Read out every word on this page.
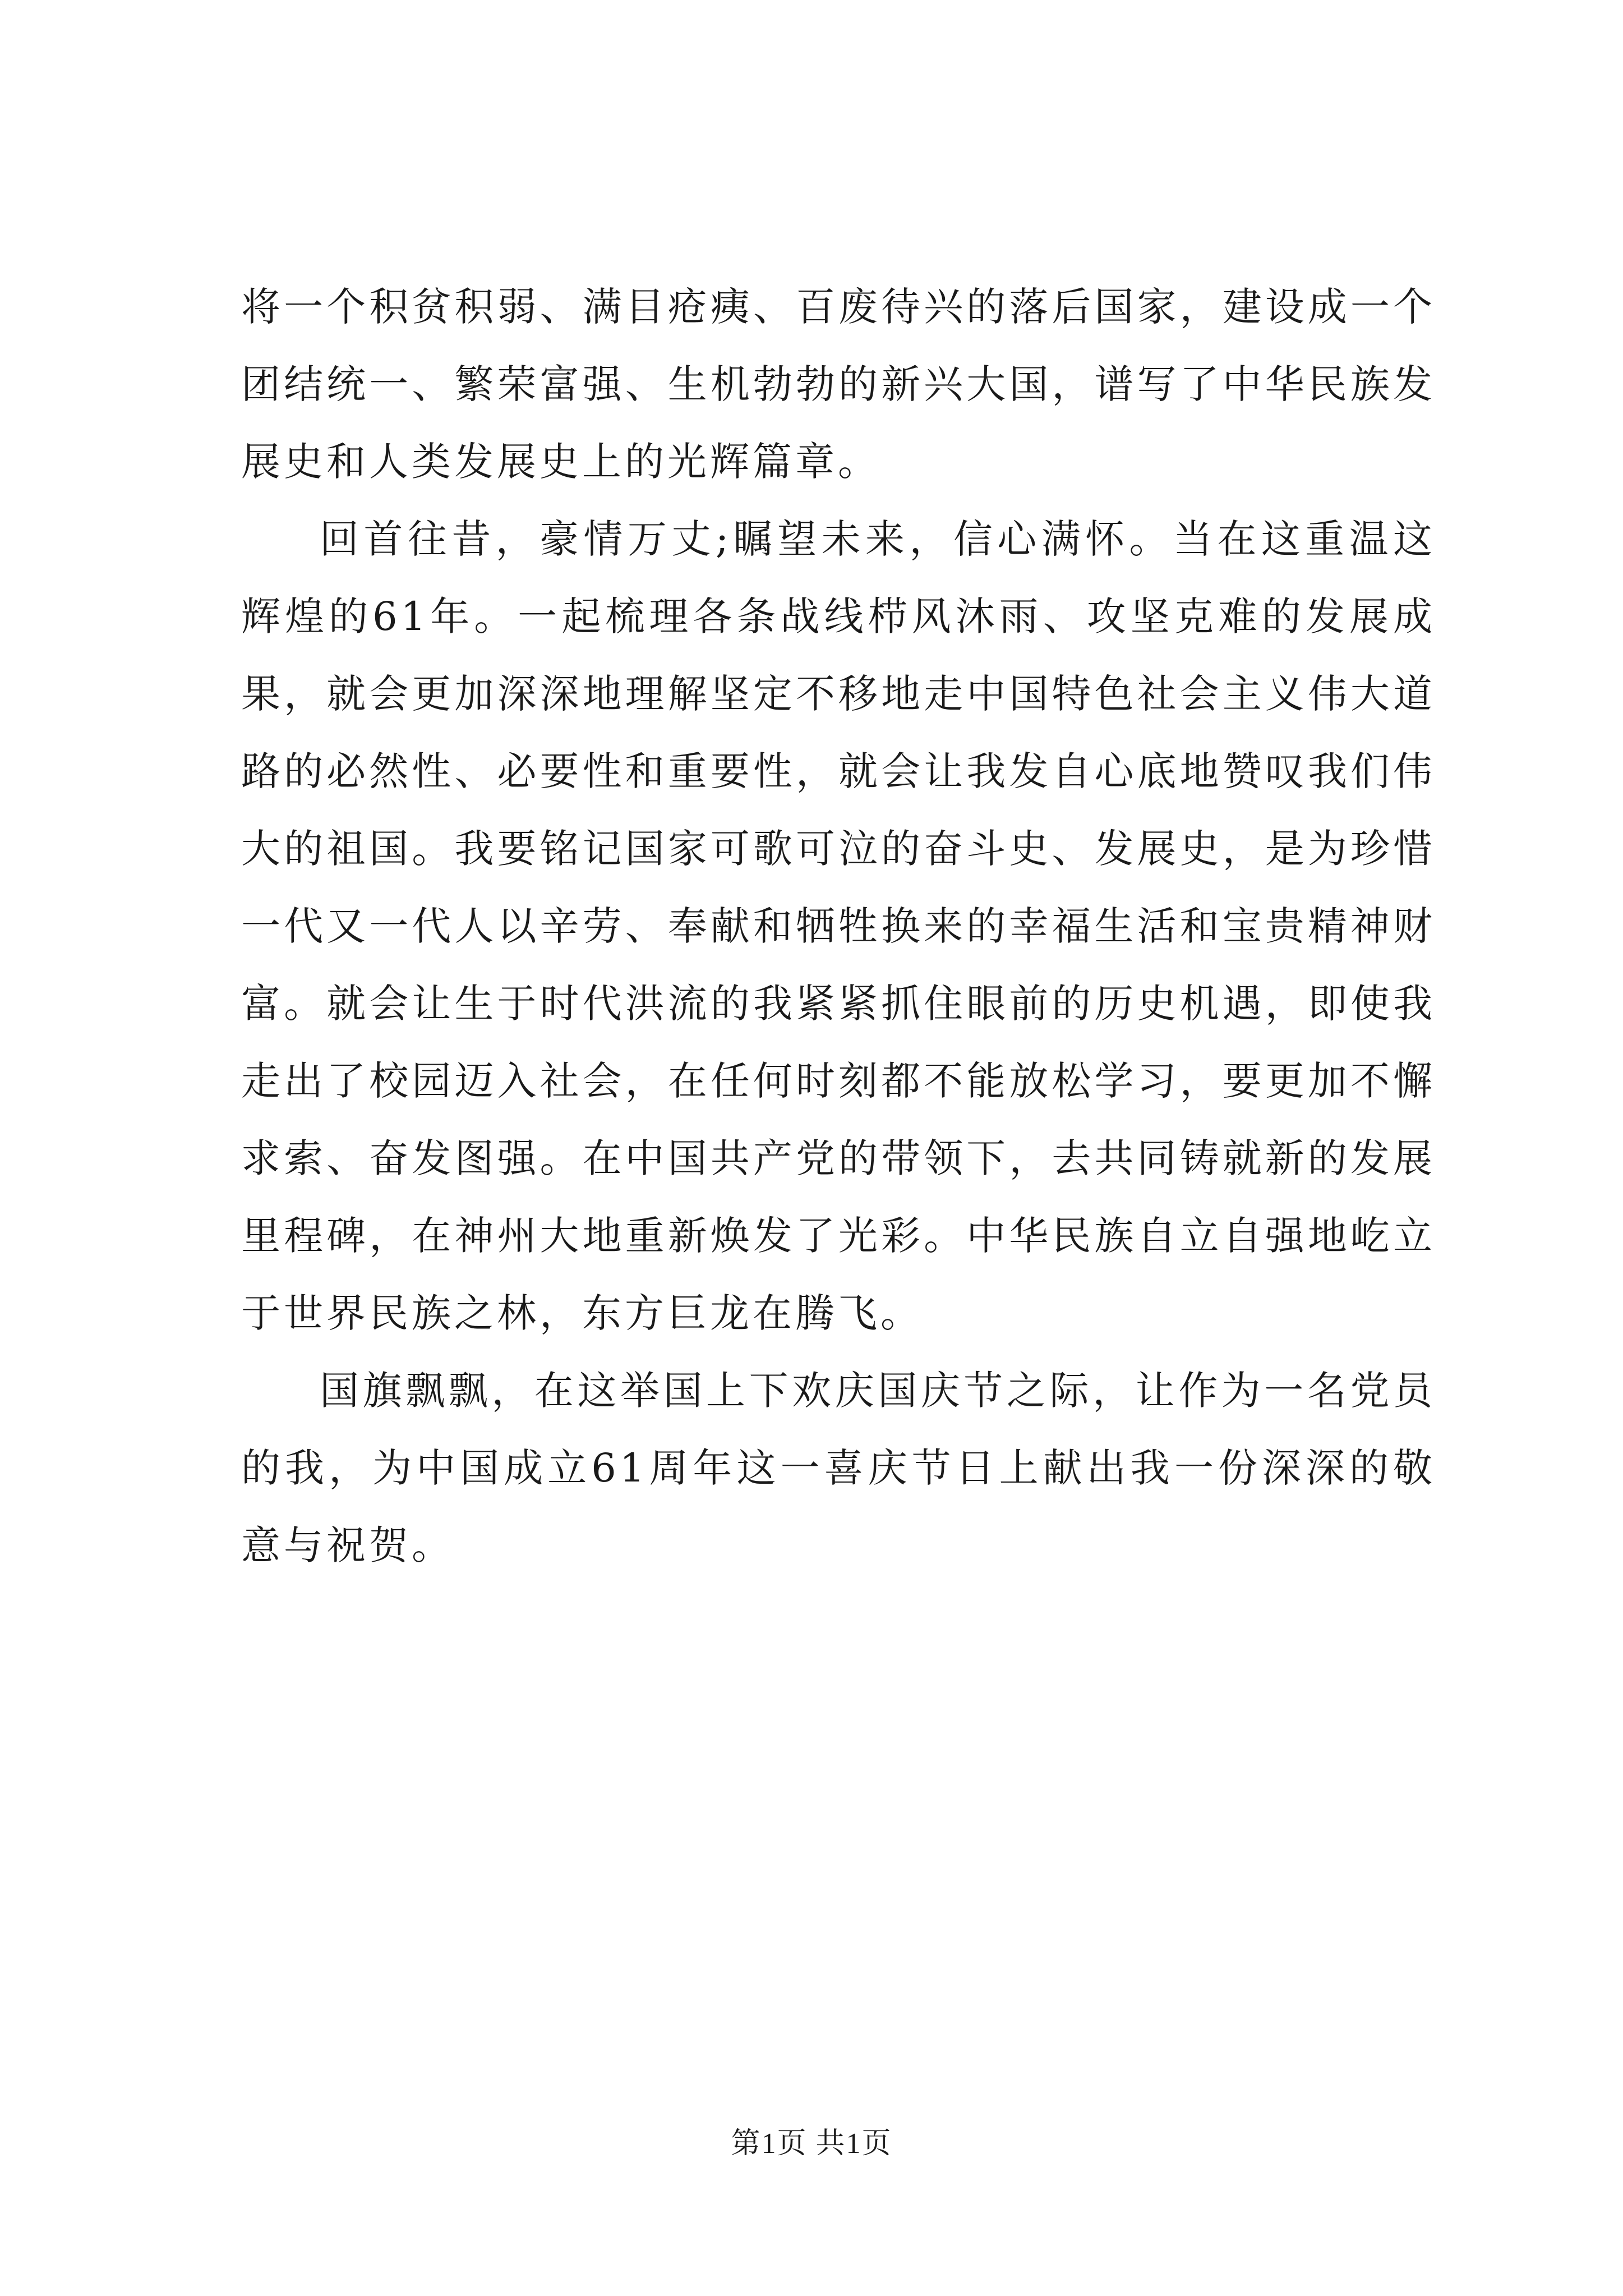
将一个积贫积弱、满目疮痍、百废待兴的落后国家，建设成一个团结统一、繁荣富强、生机勃勃的新兴大国，谱写了中华民族发展史和人类发展史上的光辉篇章。

回首往昔，豪情万丈;瞩望未来，信心满怀。当在这重温这辉煌的61年。一起梳理各条战线栉风沐雨、攻坚克难的发展成果，就会更加深深地理解坚定不移地走中国特色社会主义伟大道路的必然性、必要性和重要性，就会让我发自心底地赞叹我们伟大的祖国。我要铭记国家可歌可泣的奋斗史、发展史，是为珍惜一代又一代人以辛劳、奉献和牺牲换来的幸福生活和宝贵精神财富。就会让生于时代洪流的我紧紧抓住眼前的历史机遇，即使我走出了校园迈入社会，在任何时刻都不能放松学习，要更加不懈求索、奋发图强。在中国共产党的带领下，去共同铸就新的发展里程碑，在神州大地重新焕发了光彩。中华民族自立自强地屹立于世界民族之林，东方巨龙在腾飞。

国旗飘飘，在这举国上下欢庆国庆节之际，让作为一名党员的我，为中国成立61周年这一喜庆节日上献出我一份深深的敬意与祝贺。

第1页 共1页
